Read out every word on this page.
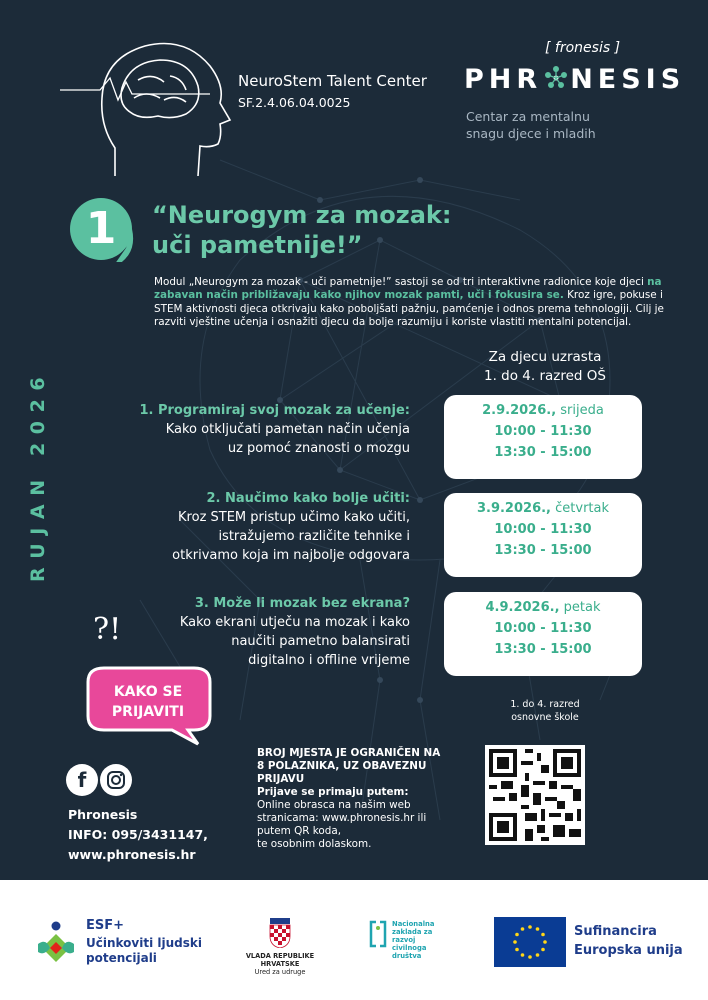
NeuroStem Talent Center
SF.2.4.06.04.0025
[ fronesis ]
PHR NESIS
Centar za mentalnu
snagu djece i mladih
1	“Neurogym za mozak:
uči pametnije!”
Modul „Neurogym za mozak - uči pametnije!” sastoji se od tri interaktivne radionice koje djeci na zabavan način približavaju kako njihov mozak pamti, uči i fokusira se. Kroz igre, pokuse i STEM aktivnosti djeca otkrivaju kako poboljšati pažnju, pamćenje i odnos prema tehnologiji. Cilj je razviti vještine učenja i osnažiti djecu da bolje razumiju i koriste vlastiti mentalni potencijal.
RUJAN 2026
Za djecu uzrasta
1. do 4. razred OŠ
1. Programiraj svoj mozak za učenje:
Kako otključati pametan način učenja
uz pomoć znanosti o mozgu
2. Naučimo kako bolje učiti:
Kroz STEM pristup učimo kako učiti,
istražujemo različite tehnike i
otkrivamo koja im najbolje odgovara
3. Može li mozak bez ekrana?
Kako ekrani utječu na mozak i kako
naučiti pametno balansirati
digitalno i offline vrijeme
2.9.2026., srijeda
10:00 - 11:30
13:30 - 15:00
3.9.2026., četvrtak
10:00 - 11:30
13:30 - 15:00
4.9.2026., petak
10:00 - 11:30
13:30 - 15:00
1. do 4. razred
osnovne škole
?!
KAKO SE
PRIJAVITI
f
Phronesis
INFO: 095/3431147,
www.phronesis.hr
BROJ MJESTA JE OGRANIČEN NA
8 POLAZNIKA, UZ OBAVEZNU
PRIJAVU
Prijave se primaju putem:
Online obrasca na našim web
stranicama: www.phronesis.hr ili
putem QR koda,
te osobnim dolaskom.
ESF+
Učinkoviti ljudski
potencijali	VLADA REPUBLIKE HRVATSKE
Ured za udruge
Nacionalna
zaklada za
razvoj
civilnoga
društva
Sufinancira
Europska unija
